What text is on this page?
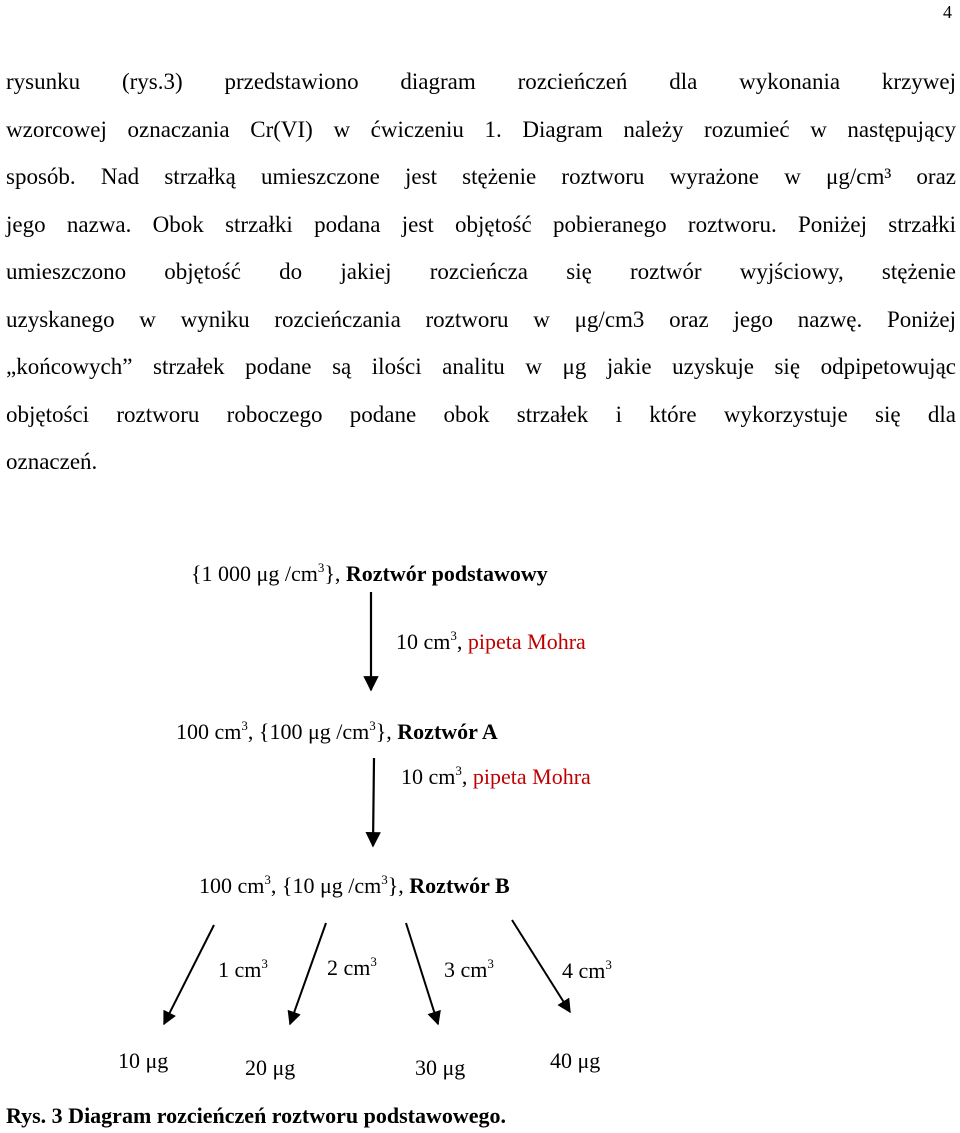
4
rysunku (rys.3) przedstawiono diagram rozcieńczeń dla wykonania krzywej
wzorcowej oznaczania Cr(VI) w ćwiczeniu 1. Diagram należy rozumieć w następujący
sposób. Nad strzałką umieszczone jest stężenie roztworu wyrażone w μg/cm³ oraz
jego nazwa. Obok strzałki podana jest objętość pobieranego roztworu. Poniżej strzałki
umieszczono objętość do jakiej rozcieńcza się roztwór wyjściowy, stężenie
uzyskanego w wyniku rozcieńczania roztworu w μg/cm3 oraz jego nazwę. Poniżej
„końcowych” strzałek podane są ilości analitu w μg jakie uzyskuje się odpipetowując
objętości roztworu roboczego podane obok strzałek i które wykorzystuje się dla
oznaczeń.
{1 000 μg $/cm^3$}, Roztwór podstawowy
10 $cm^3$, pipeta Mohra
100 $cm^3$, {100 μg $/cm^3$}, Roztwór A
10 $cm^3$, pipeta Mohra
100 $cm^3$, {10 μg $/cm^3$}, Roztwór B
1 $cm^3$	2 $cm^3$	3 $cm^3$	4 $cm^3$
10 μg	20 μg	30 μg	40 μg
Rys. 3 Diagram rozcieńczeń roztworu podstawowego.
